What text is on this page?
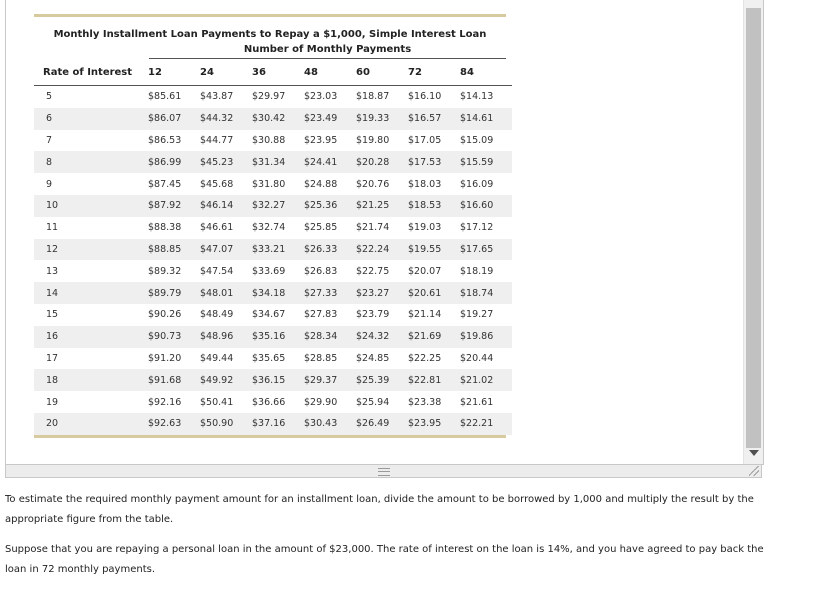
Monthly Installment Loan Payments to Repay a $1,000, Simple Interest Loan
Number of Monthly Payments
Rate of Interest	12	24	36	48	60	72	84
5	$85.61	$43.87	$29.97	$23.03	$18.87	$16.10	$14.13
6	$86.07	$44.32	$30.42	$23.49	$19.33	$16.57	$14.61
7	$86.53	$44.77	$30.88	$23.95	$19.80	$17.05	$15.09
8	$86.99	$45.23	$31.34	$24.41	$20.28	$17.53	$15.59
9	$87.45	$45.68	$31.80	$24.88	$20.76	$18.03	$16.09
10	$87.92	$46.14	$32.27	$25.36	$21.25	$18.53	$16.60
11	$88.38	$46.61	$32.74	$25.85	$21.74	$19.03	$17.12
12	$88.85	$47.07	$33.21	$26.33	$22.24	$19.55	$17.65
13	$89.32	$47.54	$33.69	$26.83	$22.75	$20.07	$18.19
14	$89.79	$48.01	$34.18	$27.33	$23.27	$20.61	$18.74
15	$90.26	$48.49	$34.67	$27.83	$23.79	$21.14	$19.27
16	$90.73	$48.96	$35.16	$28.34	$24.32	$21.69	$19.86
17	$91.20	$49.44	$35.65	$28.85	$24.85	$22.25	$20.44
18	$91.68	$49.92	$36.15	$29.37	$25.39	$22.81	$21.02
19	$92.16	$50.41	$36.66	$29.90	$25.94	$23.38	$21.61
20	$92.63	$50.90	$37.16	$30.43	$26.49	$23.95	$22.21
To estimate the required monthly payment amount for an installment loan, divide the amount to be borrowed by 1,000 and multiply the result by the appropriate figure from the table.
Suppose that you are repaying a personal loan in the amount of $23,000. The rate of interest on the loan is 14%, and you have agreed to pay back the loan in 72 monthly payments.
